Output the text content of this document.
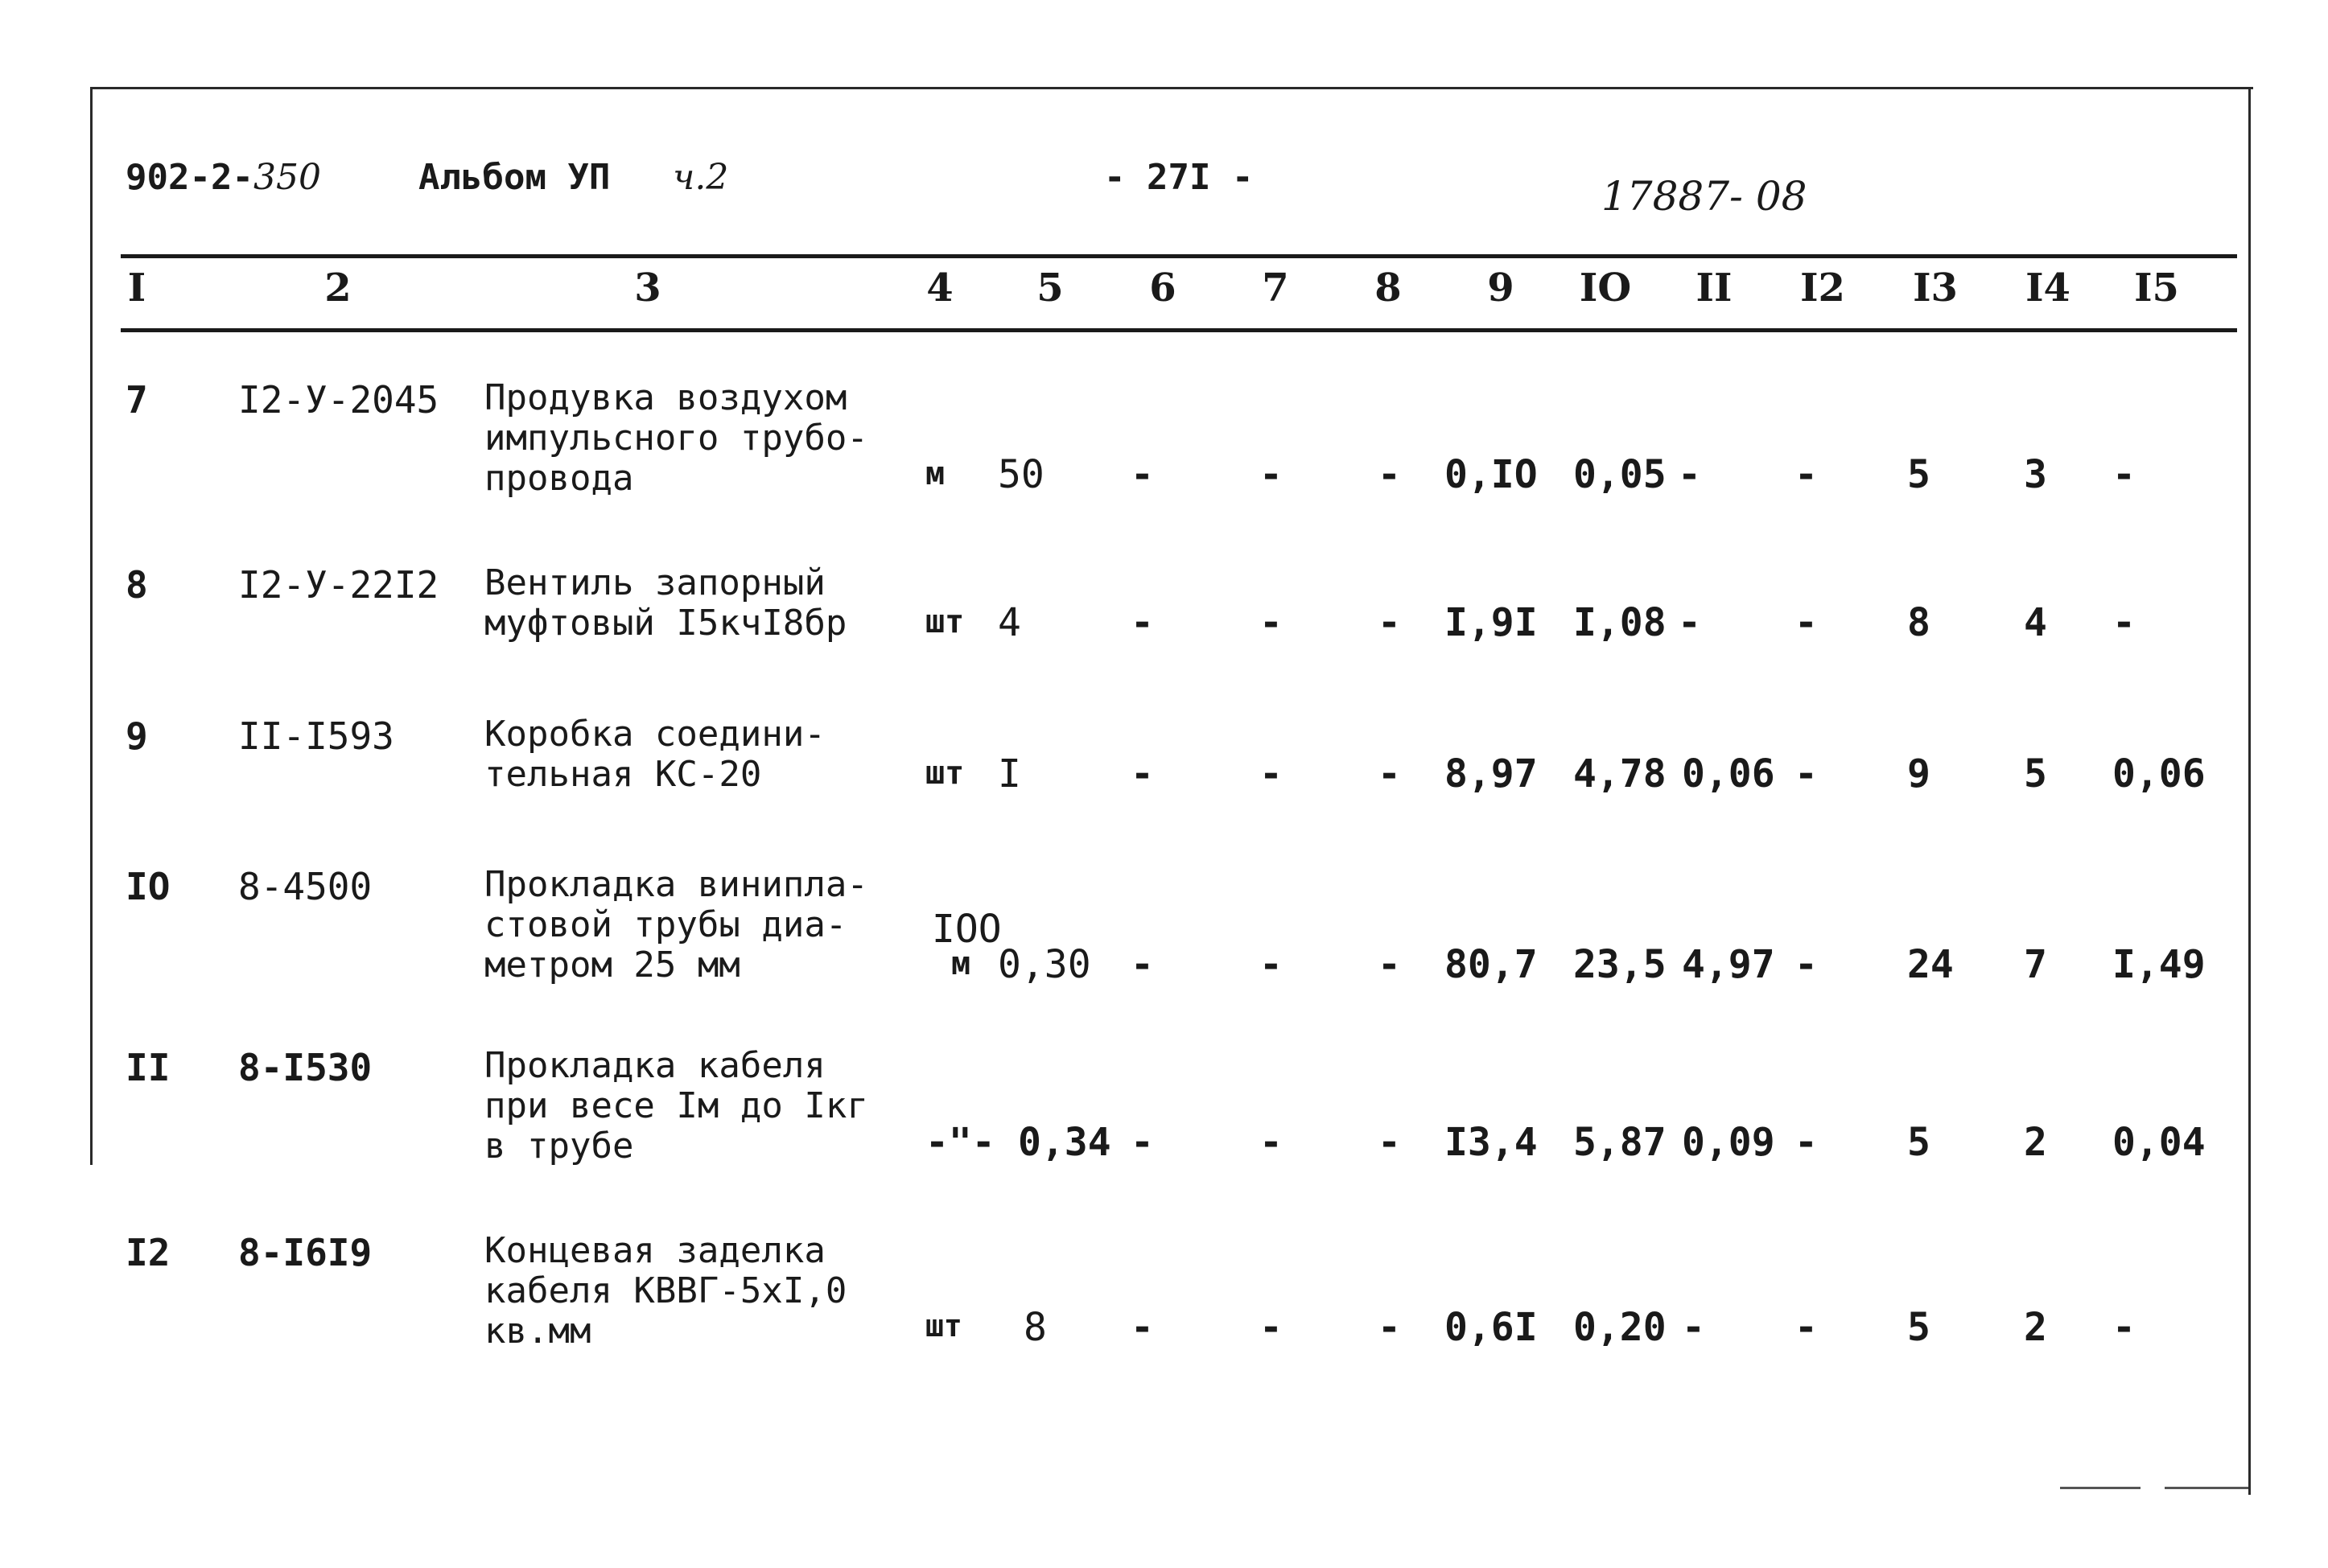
902-2-350	Альбом УП ч.2	- 27І -	17887- 08
I	2	3	4	5	6	7	8	9	IO	II	I2 I3 I4 I5
7 I2-У-2045 Продувка воздухом
импульсного трубо-
провода	м 50 -	- - 0,IO 0,05 - - 5 3 -
8 I2-У-22I2 Вентиль запорный
муфтовый I5кчI8бр шт 4	-	- - I,9I I,08 - - 8 4 -
9 II-I593	Коробка соедини-
тельная КС-20	шт I	-	- - 8,97 4,78 0,06 - 9 5 0,06
IO 8-4500	Прокладка винипла-
стовой трубы диа-
метром 25 мм
IOO
м 0,30 -	- - 80,7 23,5 4,97 - 24 7 I,49
II 8-I530	Прокладка кабеля
при весе Iм до Iкг
в трубе	-"- 0,34 -	- - I3,4 5,87 0,09 - 5 2 0,04
I2 8-I6I9	Концевая заделка
кабеля КВВГ-5хI,0
кв.мм	шт 8 -	- - 0,6I 0,20 - - 5 2 -
